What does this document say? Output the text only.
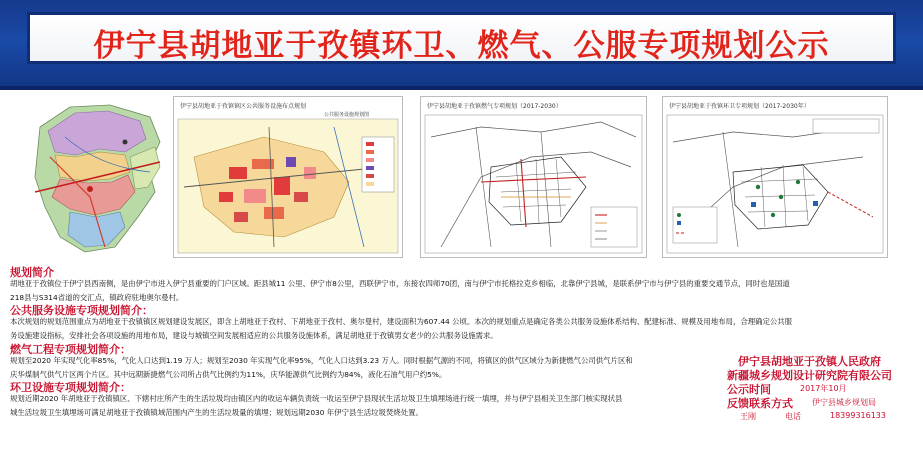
伊宁县胡地亚于孜镇环卫、燃气、公服专项规划公示
伊宁县胡地亚于孜镇镇区公共服务设施布点规划
公共服务设施规划图
伊宁县胡地亚于孜镇燃气专项规划（2017-2030）	伊宁县胡地亚于孜镇环卫专项规划（2017-2030年）
规划简介
胡地亚于孜镇位于伊宁县西南侧，是由伊宁市进入伊宁县重要的门户区域。距县城11 公里、伊宁市8公里，西联伊宁市，东接农四师70团，南与伊宁市托格拉克乡相临，北靠伊宁县城，是联系伊宁市与伊宁县的重要交通节点，同时也是国道
218县与S314省道的交汇点，镇政府驻地奥尔曼村。
公共服务设施专项规划简介：
本次规划的规划范围重点为胡地亚于孜镇镇区规划建设发展区，即含上胡地亚于孜村、下胡地亚于孜村、奥尔曼村，建设面积为607.44 公顷。本次的规划重点是确定各类公共服务设施体系结构、配建标准、规模及用地布局，合理确定公共服
务设施建设指标，安排社会各项设施的用地布局，建设与城镇空间发展相适应的公共服务设施体系，满足胡地亚于孜镇男女老少的公共服务设施需求。
燃气工程专项规划简介：
规划至2020 年实现气化率85%，气化人口达到1.19 万人；规划至2030 年实现气化率95%，气化人口达到3.23 万人。同时根据气源的不同，将镇区的供气区域分为新捷燃气公司供气片区和
庆华煤制气供气片区两个片区。其中远期新捷燃气公司所占供气比例约为11%，庆华能源供气比例约为84%，液化石油气用户约5%。
环卫设施专项规划简介：
规划近期2020 年胡地亚于孜镇镇区、下辖村庄所产生的生活垃圾均由镇区内的收运车辆负责统一收运至伊宁县现状生活垃圾卫生填埋场进行统一填埋，并与伊宁县相关卫生部门核实现状县
城生活垃圾卫生填埋场可满足胡地亚于孜镇镇域范围内产生的生活垃圾量的填埋；规划远期2030 年伊宁县生活垃圾焚烧处置。
伊宁县胡地亚于孜镇人民政府
新疆城乡规划设计研究院有限公司
公示时间	2017年10月
反馈联系方式 伊宁县城乡规划局
王刚	电话	18399316133
